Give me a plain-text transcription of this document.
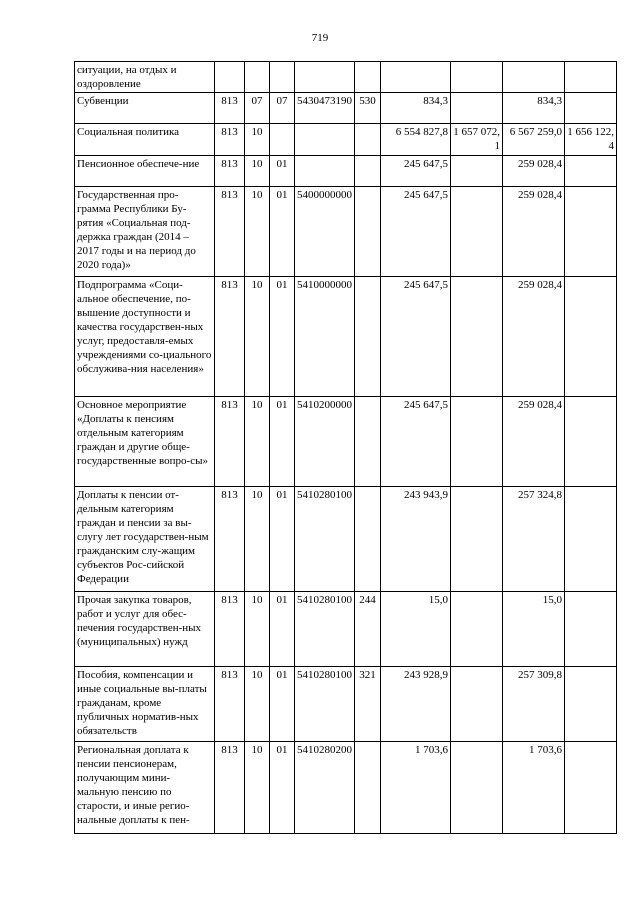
719
ситуации, на отдых и оздоровление									
Субвенции	813	07	07	5430473190	530	834,3		834,3	
Социальная политика	813	10				6 554 827,8	1 657 072,1	6 567 259,0	1 656 122,4
Пенсионное обеспече-ние	813	10	01			245 647,5		259 028,4	
Государственная про-грамма Республики Бу-рятия «Социальная под-держка граждан (2014 – 2017 годы и на период до 2020 года)»	813	10	01	5400000000		245 647,5		259 028,4	
Подпрограмма «Соци-альное обеспечение, по-вышение доступности и качества государствен-ных услуг, предоставля-емых учреждениями со-циального обслужива-ния населения»	813	10	01	5410000000		245 647,5		259 028,4	
Основное мероприятие «Доплаты к пенсиям отдельным категориям граждан и другие обще-государственные вопро-сы»	813	10	01	5410200000		245 647,5		259 028,4	
Доплаты к пенсии от-дельным категориям граждан и пенсии за вы-слугу лет государствен-ным гражданским слу-жащим субъектов Рос-сийской Федерации	813	10	01	5410280100		243 943,9		257 324,8	
Прочая закупка товаров, работ и услуг для обес-печения государствен-ных (муниципальных) нужд	813	10	01	5410280100	244	15,0		15,0	
Пособия, компенсации и иные социальные вы-платы гражданам, кроме публичных норматив-ных обязательств	813	10	01	5410280100	321	243 928,9		257 309,8	
Региональная доплата к пенсии пенсионерам, получающим мини-мальную пенсию по старости, и иные регио-нальные доплаты к пен-	813	10	01	5410280200		1 703,6		1 703,6	
